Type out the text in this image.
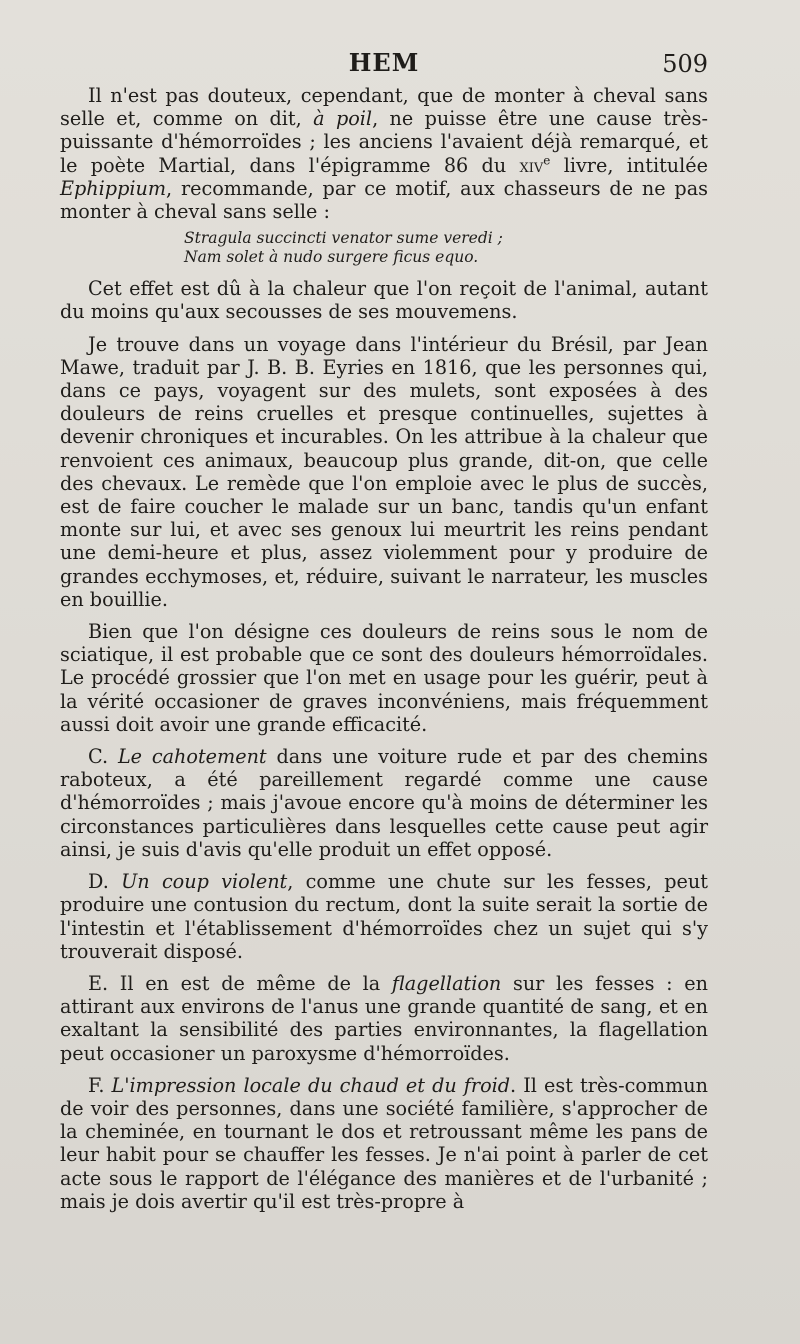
HEM	509

Il n'est pas douteux, cependant, que de monter à cheval sans selle et, comme on dit, à poil, ne puisse être une cause très-puissante d'hémorroïdes ; les anciens l'avaient déjà remarqué, et le poète Martial, dans l'épigramme 86 du xiv$^e$ livre, intitulée Ephippium, recommande, par ce motif, aux chasseurs de ne pas monter à cheval sans selle :

Stragula succincti venator sume veredi ;
Nam solet à nudo surgere ficus equo.

Cet effet est dû à la chaleur que l'on reçoit de l'animal, autant du moins qu'aux secousses de ses mouvemens.

Je trouve dans un voyage dans l'intérieur du Brésil, par Jean Mawe, traduit par J. B. B. Eyries en 1816, que les personnes qui, dans ce pays, voyagent sur des mulets, sont exposées à des douleurs de reins cruelles et presque continuelles, sujettes à devenir chroniques et incurables. On les attribue à la chaleur que renvoient ces animaux, beaucoup plus grande, dit-on, que celle des chevaux. Le remède que l'on emploie avec le plus de succès, est de faire coucher le malade sur un banc, tandis qu'un enfant monte sur lui, et avec ses genoux lui meurtrit les reins pendant une demi-heure et plus, assez violemment pour y produire de grandes ecchymoses, et, réduire, suivant le narrateur, les muscles en bouillie.

Bien que l'on désigne ces douleurs de reins sous le nom de sciatique, il est probable que ce sont des douleurs hémorroïdales. Le procédé grossier que l'on met en usage pour les guérir, peut à la vérité occasioner de graves inconvéniens, mais fréquemment aussi doit avoir une grande efficacité.

C. Le cahotement dans une voiture rude et par des chemins raboteux, a été pareillement regardé comme une cause d'hémorroïdes ; mais j'avoue encore qu'à moins de déterminer les circonstances particulières dans lesquelles cette cause peut agir ainsi, je suis d'avis qu'elle produit un effet opposé.

D. Un coup violent, comme une chute sur les fesses, peut produire une contusion du rectum, dont la suite serait la sortie de l'intestin et l'établissement d'hémorroïdes chez un sujet qui s'y trouverait disposé.

E. Il en est de même de la flagellation sur les fesses : en attirant aux environs de l'anus une grande quantité de sang, et en exaltant la sensibilité des parties environnantes, la flagellation peut occasioner un paroxysme d'hémorroïdes.

F. L'impression locale du chaud et du froid. Il est très-commun de voir des personnes, dans une société familière, s'approcher de la cheminée, en tournant le dos et retroussant même les pans de leur habit pour se chauffer les fesses. Je n'ai point à parler de cet acte sous le rapport de l'élégance des manières et de l'urbanité ; mais je dois avertir qu'il est très-propre à
